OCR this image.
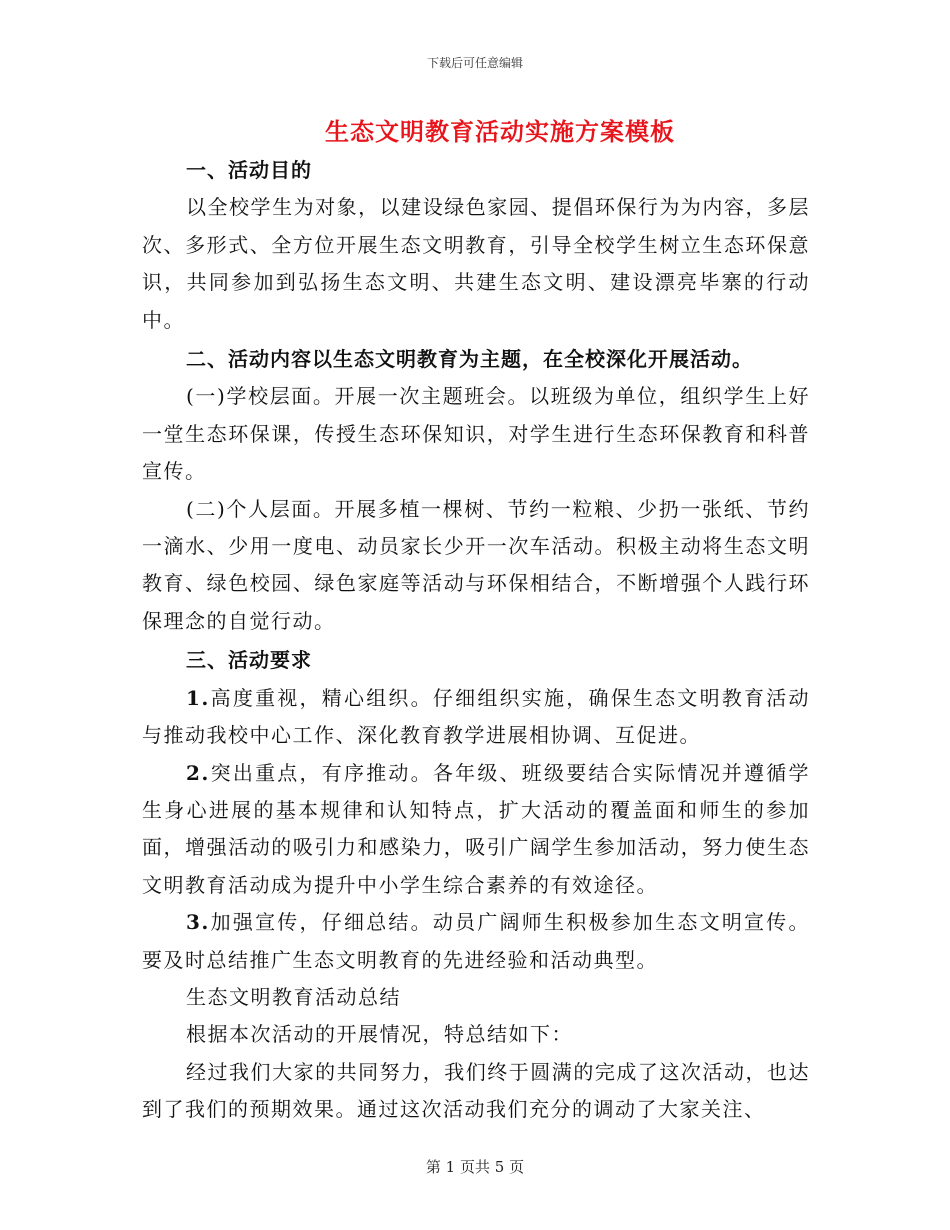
下载后可任意编辑
生态文明教育活动实施方案模板

一、活动目的

以全校学生为对象，以建设绿色家园、提倡环保行为为内容，多层次、多形式、全方位开展生态文明教育，引导全校学生树立生态环保意识，共同参加到弘扬生态文明、共建生态文明、建设漂亮毕寨的行动中。

二、活动内容以生态文明教育为主题，在全校深化开展活动。

(一)学校层面。开展一次主题班会。以班级为单位，组织学生上好一堂生态环保课，传授生态环保知识，对学生进行生态环保教育和科普宣传。

(二)个人层面。开展多植一棵树、节约一粒粮、少扔一张纸、节约一滴水、少用一度电、动员家长少开一次车活动。积极主动将生态文明教育、绿色校园、绿色家庭等活动与环保相结合，不断增强个人践行环保理念的自觉行动。

三、活动要求

1.高度重视，精心组织。仔细组织实施，确保生态文明教育活动与推动我校中心工作、深化教育教学进展相协调、互促进。

2.突出重点，有序推动。各年级、班级要结合实际情况并遵循学生身心进展的基本规律和认知特点，扩大活动的覆盖面和师生的参加面，增强活动的吸引力和感染力，吸引广阔学生参加活动，努力使生态文明教育活动成为提升中小学生综合素养的有效途径。

3.加强宣传，仔细总结。动员广阔师生积极参加生态文明宣传。要及时总结推广生态文明教育的先进经验和活动典型。

生态文明教育活动总结

根据本次活动的开展情况，特总结如下：

经过我们大家的共同努力，我们终于圆满的完成了这次活动，也达到了我们的预期效果。通过这次活动我们充分的调动了大家关注、

第 1 页共 5 页
